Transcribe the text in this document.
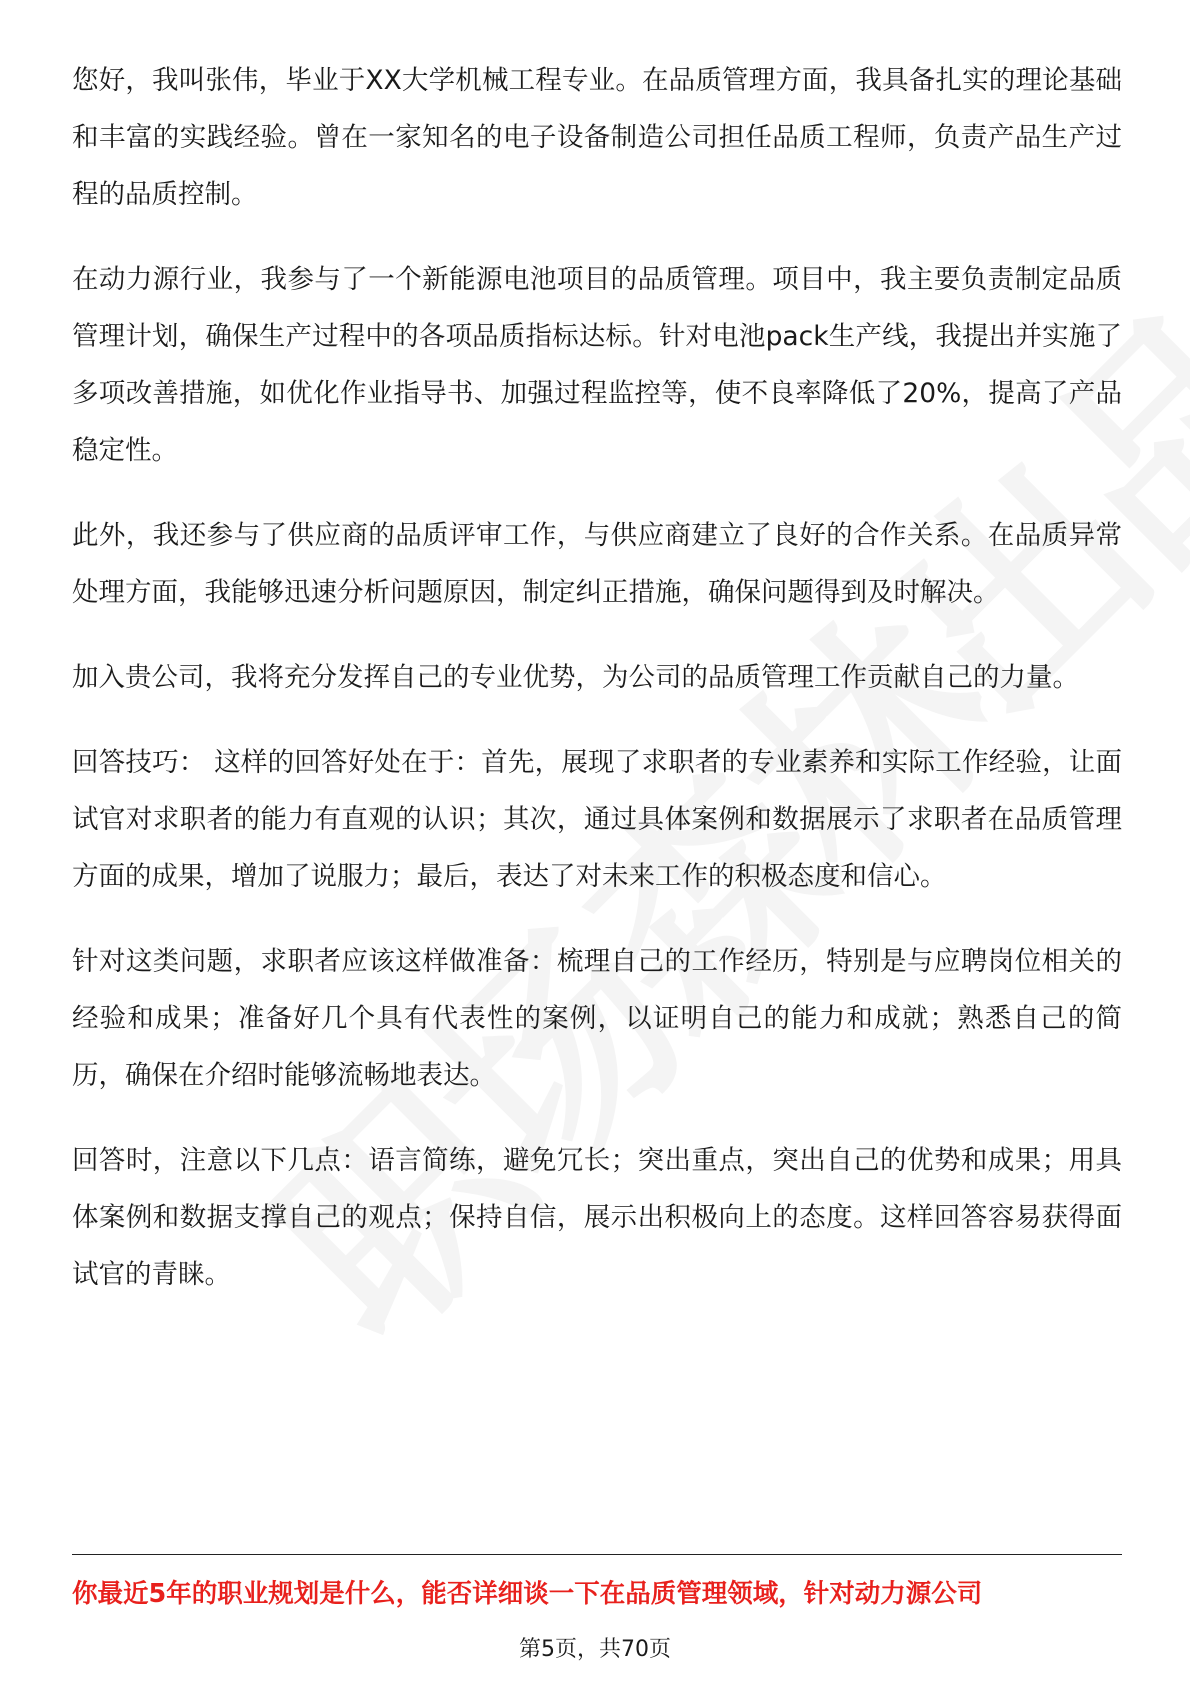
您好，我叫张伟，毕业于XX大学机械工程专业。在品质管理方面，我具备扎实的理论基础和丰富的实践经验。曾在一家知名的电子设备制造公司担任品质工程师，负责产品生产过程的品质控制。

在动力源行业，我参与了一个新能源电池项目的品质管理。项目中，我主要负责制定品质管理计划，确保生产过程中的各项品质指标达标。针对电池pack生产线，我提出并实施了多项改善措施，如优化作业指导书、加强过程监控等，使不良率降低了20%，提高了产品稳定性。

此外，我还参与了供应商的品质评审工作，与供应商建立了良好的合作关系。在品质异常处理方面，我能够迅速分析问题原因，制定纠正措施，确保问题得到及时解决。

加入贵公司，我将充分发挥自己的专业优势，为公司的品质管理工作贡献自己的力量。

回答技巧： 这样的回答好处在于：首先，展现了求职者的专业素养和实际工作经验，让面试官对求职者的能力有直观的认识；其次，通过具体案例和数据展示了求职者在品质管理方面的成果，增加了说服力；最后，表达了对未来工作的积极态度和信心。

针对这类问题，求职者应该这样做准备：梳理自己的工作经历，特别是与应聘岗位相关的经验和成果；准备好几个具有代表性的案例，以证明自己的能力和成就；熟悉自己的简历，确保在介绍时能够流畅地表达。

回答时，注意以下几点：语言简练，避免冗长；突出重点，突出自己的优势和成果；用具体案例和数据支撑自己的观点；保持自信，展示出积极向上的态度。这样回答容易获得面试官的青睐。

你最近5年的职业规划是什么，能否详细谈一下在品质管理领域，针对动力源公司
第5页，共70页
